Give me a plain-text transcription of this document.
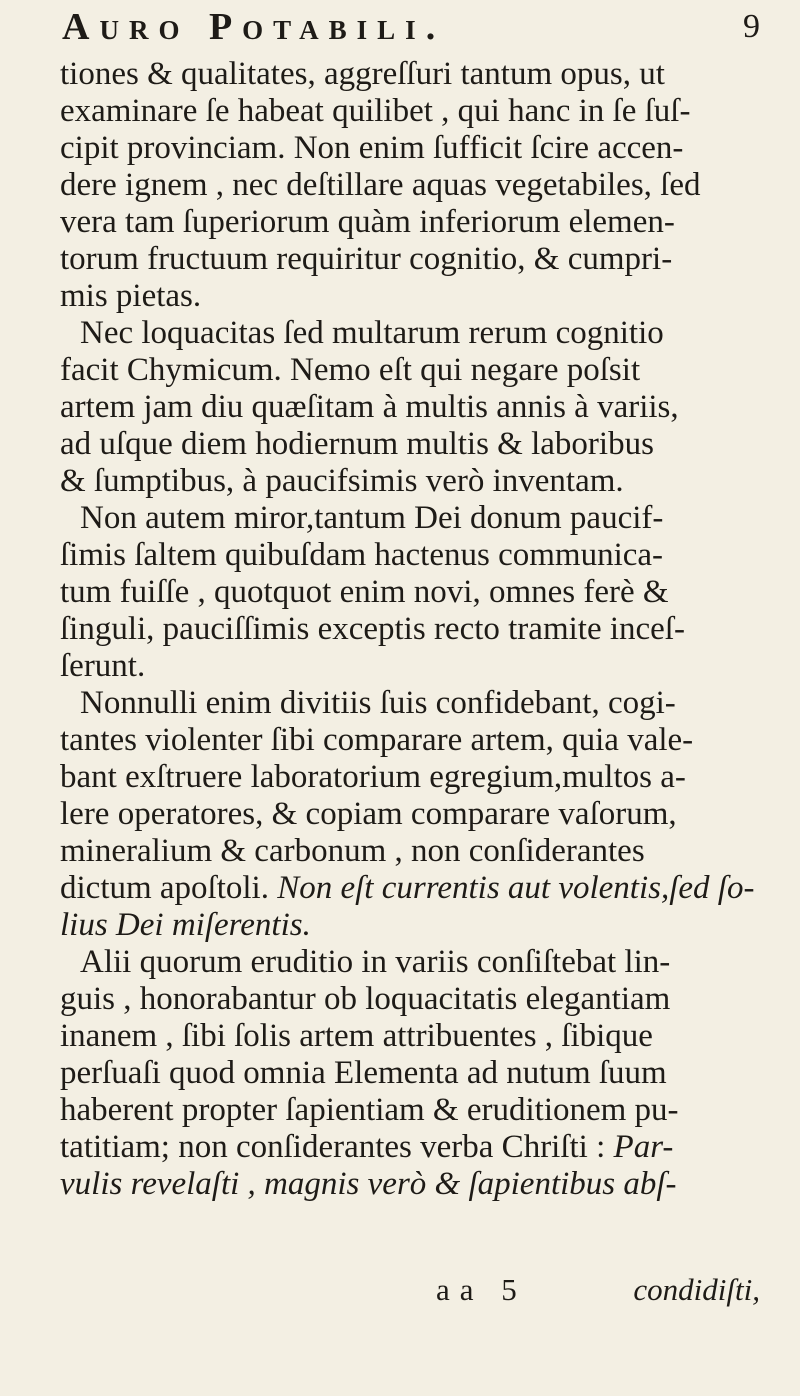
Auro Potabili.	9
tiones & qualitates, aggreſſuri tantum opus, ut
examinare ſe habeat quilibet , qui hanc in ſe ſuſ-
cipit provinciam. Non enim ſufficit ſcire accen-
dere ignem , nec deſtillare aquas vegetabiles, ſed
vera tam ſuperiorum quàm inferiorum elemen-
torum fructuum requiritur cognitio, & cumpri-
mis pietas.
Nec loquacitas ſed multarum rerum cognitio
facit Chymicum. Nemo eſt qui negare poſsit
artem jam diu quæſitam à multis annis à variis,
ad uſque diem hodiernum multis & laboribus
& ſumptibus, à paucifsimis verò inventam.
Non autem miror,tantum Dei donum paucif-
ſimis ſaltem quibuſdam hactenus communica-
tum fuiſſe , quotquot enim novi, omnes ferè &
ſinguli, pauciſſimis exceptis recto tramite inceſ-
ſerunt.
Nonnulli enim divitiis ſuis confidebant, cogi-
tantes violenter ſibi comparare artem, quia vale-
bant exſtruere laboratorium egregium,multos a-
lere operatores, & copiam comparare vaſorum,
mineralium & carbonum , non conſiderantes
dictum apoſtoli. Non eſt currentis aut volentis,ſed ſo-
lius Dei miſerentis.
Alii quorum eruditio in variis conſiſtebat lin-
guis , honorabantur ob loquacitatis elegantiam
inanem , ſibi ſolis artem attribuentes , ſibique
perſuaſi quod omnia Elementa ad nutum ſuum
haberent propter ſapientiam & eruditionem pu-
tatitiam; non conſiderantes verba Chriſti : Par-
vulis revelaſti , magnis verò & ſapientibus abſ-
aa 5	condidiſti,
